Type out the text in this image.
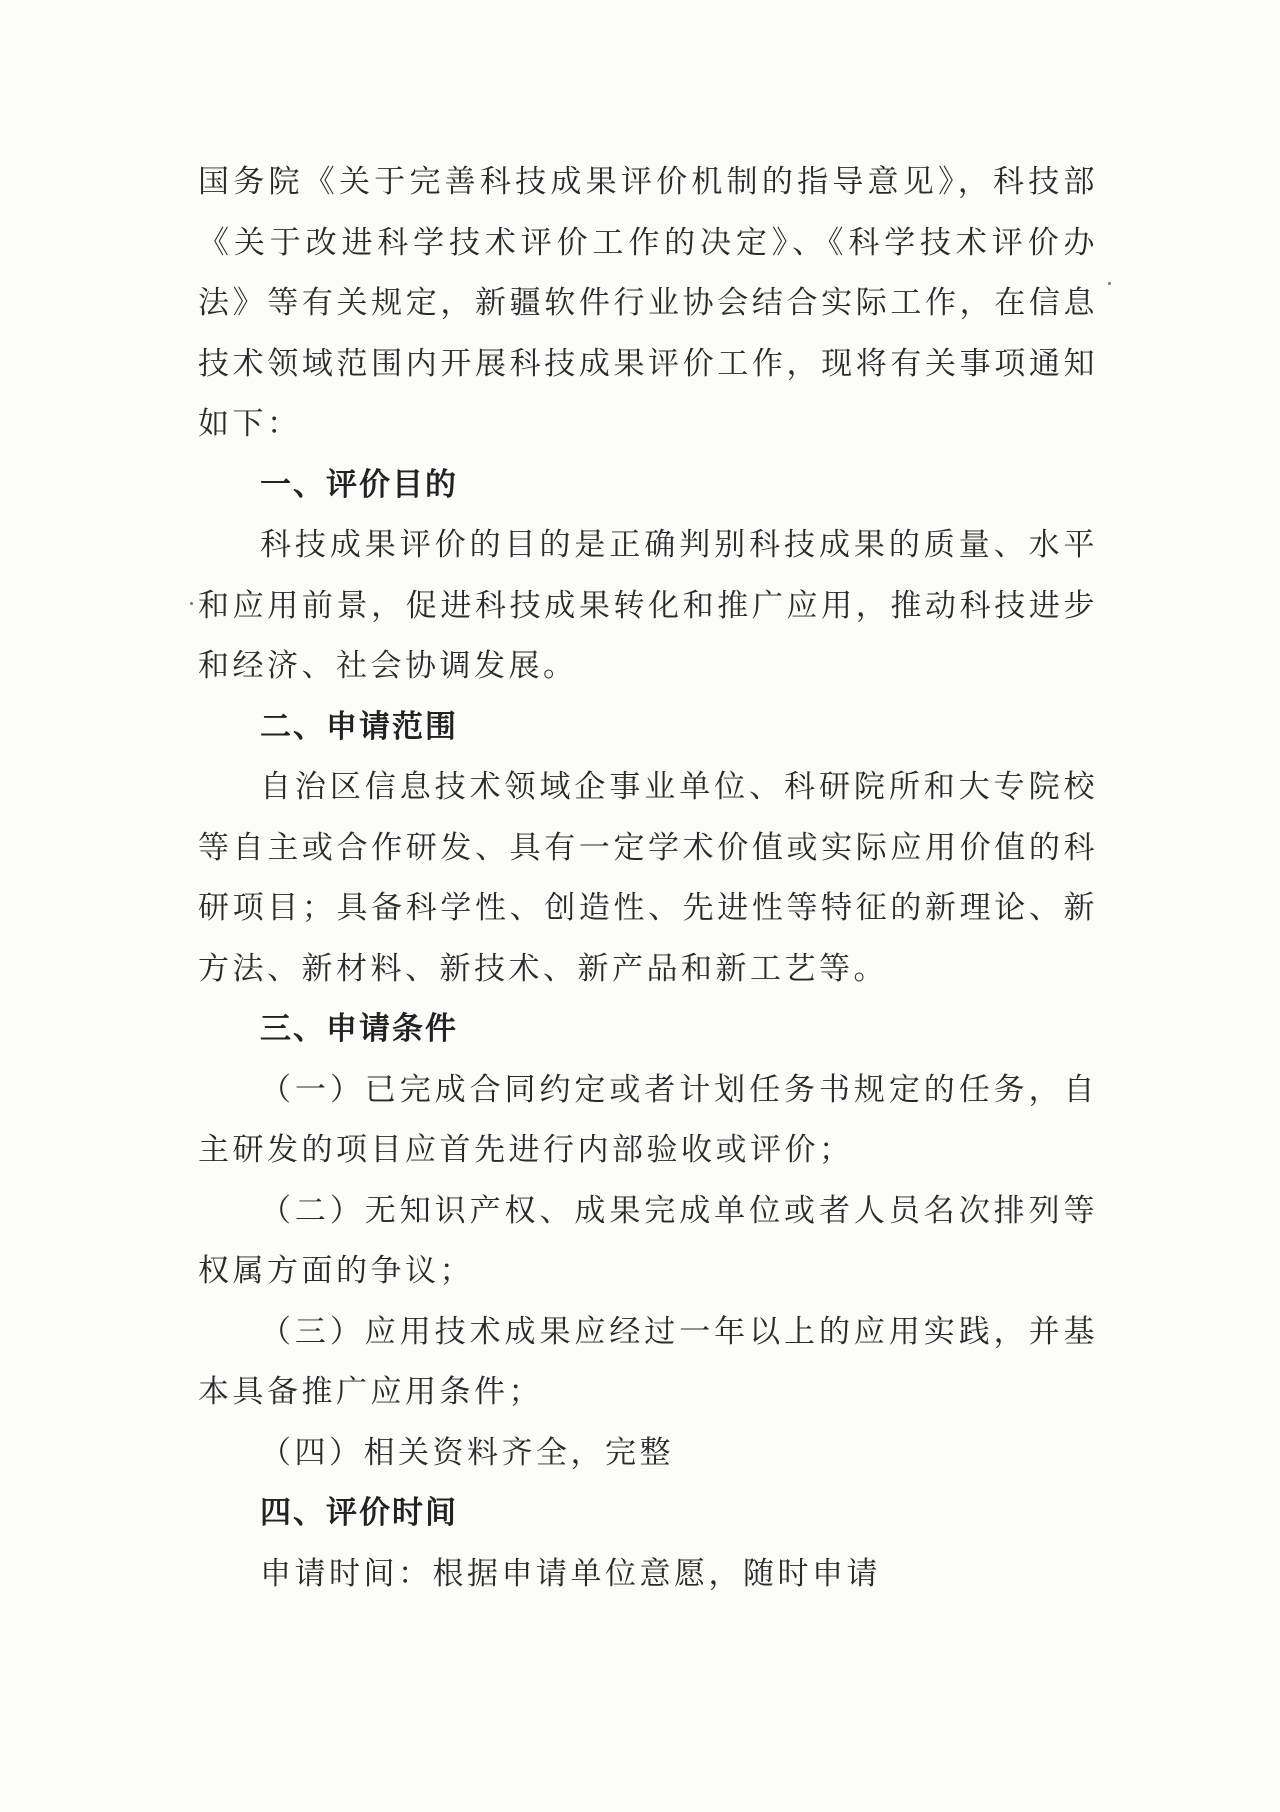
国务院《关于完善科技成果评价机制的指导意见》，科技部《关于改进科学技术评价工作的决定》、《科学技术评价办法》等有关规定，新疆软件行业协会结合实际工作，在信息技术领域范围内开展科技成果评价工作，现将有关事项通知如下：

一、评价目的

科技成果评价的目的是正确判别科技成果的质量、水平和应用前景，促进科技成果转化和推广应用，推动科技进步和经济、社会协调发展。

二、申请范围

自治区信息技术领域企事业单位、科研院所和大专院校等自主或合作研发、具有一定学术价值或实际应用价值的科研项目；具备科学性、创造性、先进性等特征的新理论、新方法、新材料、新技术、新产品和新工艺等。

三、申请条件

（一）已完成合同约定或者计划任务书规定的任务，自主研发的项目应首先进行内部验收或评价；

（二）无知识产权、成果完成单位或者人员名次排列等权属方面的争议；

（三）应用技术成果应经过一年以上的应用实践，并基本具备推广应用条件；

（四）相关资料齐全，完整

四、评价时间

申请时间：根据申请单位意愿，随时申请
